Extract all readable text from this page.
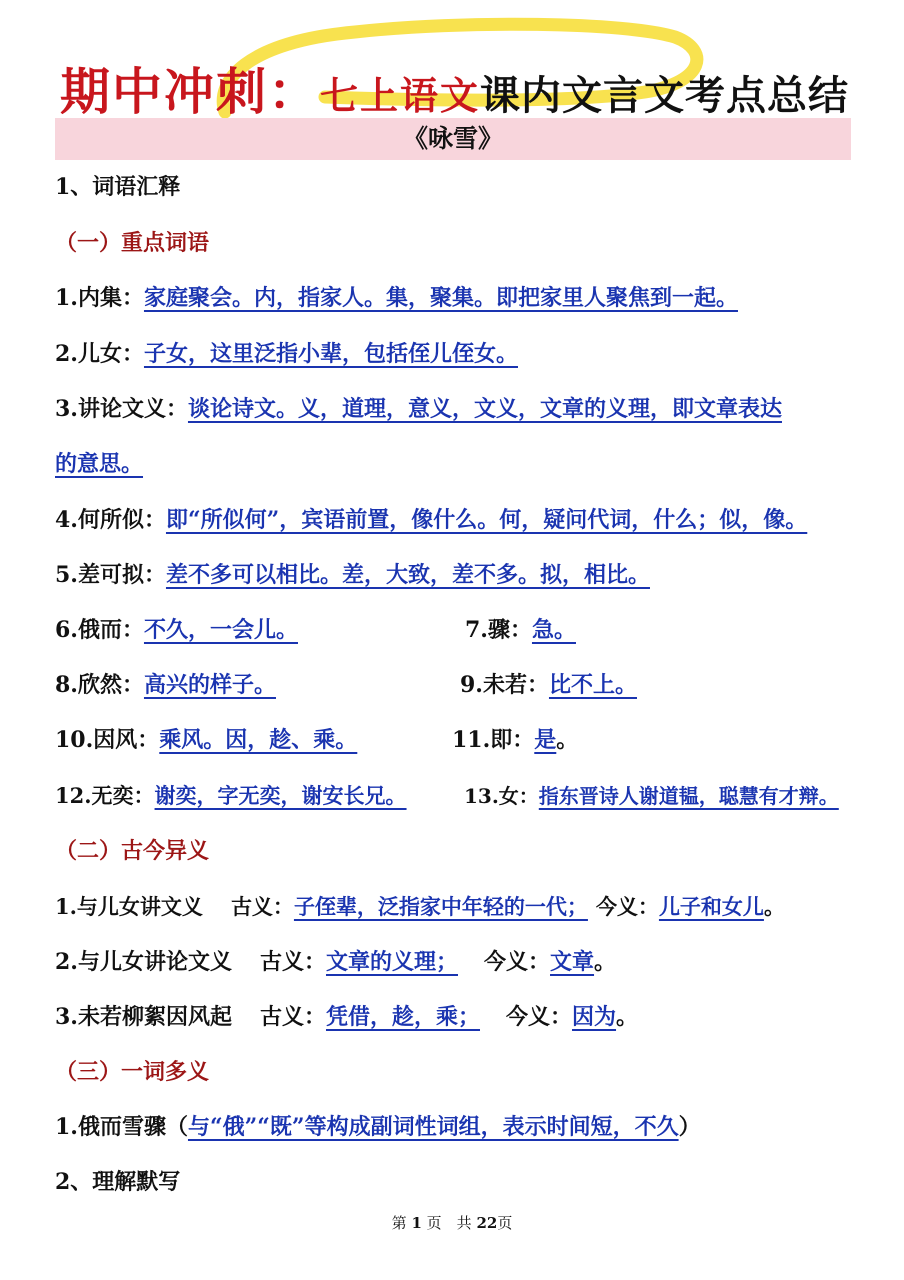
期中冲刺：七上语文课内文言文考点总结
《咏雪》
1、词语汇释
（一）重点词语
1.内集：家庭聚会。内，指家人。集，聚集。即把家里人聚焦到一起。
2.儿女：子女，这里泛指小辈，包括侄儿侄女。
3.讲论文义：谈论诗文。义，道理，意义，文义，文章的义理，即文章表达
的意思。
4.何所似：即“所似何”，宾语前置，像什么。何，疑问代词，什么；似，像。
5.差可拟：差不多可以相比。差，大致，差不多。拟，相比。
6.俄而：不久，一会儿。	7.骤：急。
8.欣然：高兴的样子。	9.未若：比不上。
10.因风：乘风。因，趁、乘。	11.即：是。
12.无奕：谢奕，字无奕，谢安长兄。	13.女：指东晋诗人谢道韫，聪慧有才辩。
（二）古今异义
1.与儿女讲文义 古义：子侄辈，泛指家中年轻的一代； 今义：儿子和女儿。
2.与儿女讲论文义 古义：文章的义理； 今义：文章。
3.未若柳絮因风起 古义：凭借，趁，乘； 今义：因为。
（三）一词多义
1.俄而雪骤（与“俄”“既”等构成副词性词组，表示时间短，不久）
2、理解默写
第 1 页　共 22页
